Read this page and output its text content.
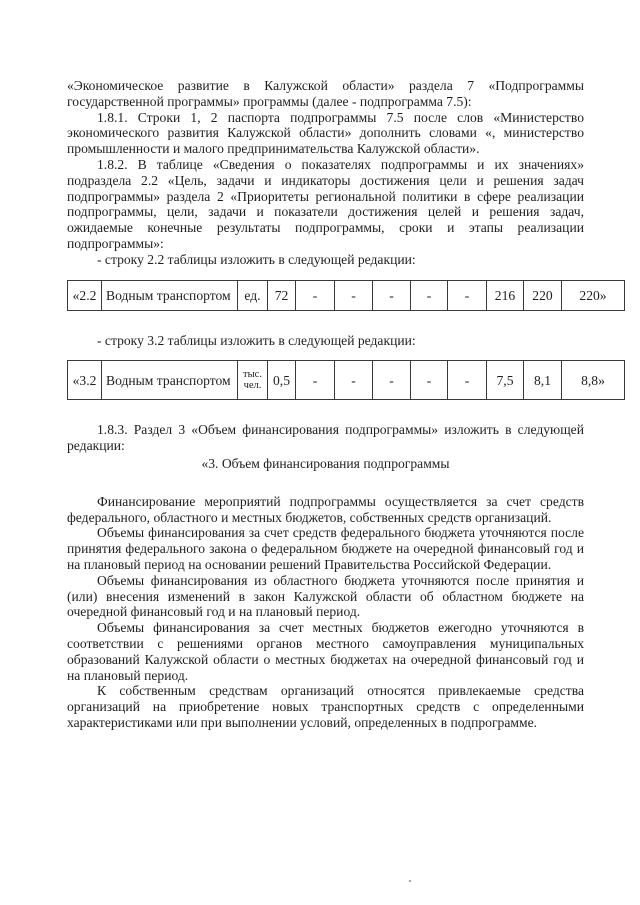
«Экономическое развитие в Калужской области» раздела 7 «Подпрограммы государственной программы» программы (далее - подпрограмма 7.5):

1.8.1. Строки 1, 2 паспорта подпрограммы 7.5 после слов «Министерство экономического развития Калужской области» дополнить словами «, министерство промышленности и малого предпринимательства Калужской области».

1.8.2. В таблице «Сведения о показателях подпрограммы и их значениях» подраздела 2.2 «Цель, задачи и индикаторы достижения цели и решения задач подпрограммы» раздела 2 «Приоритеты региональной политики в сфере реализации подпрограммы, цели, задачи и показатели достижения целей и решения задач, ожидаемые конечные результаты подпрограммы, сроки и этапы реализации подпрограммы»:

- строку 2.2 таблицы изложить в следующей редакции:

«2.2	Водным транспортом	ед.	72	-	-	-	-	-	216	220	220»

- строку 3.2 таблицы изложить в следующей редакции:

«3.2	Водным транспортом	тыс. чел.	0,5	-	-	-	-	-	7,5	8,1	8,8»

1.8.3. Раздел 3 «Объем финансирования подпрограммы» изложить в следующей редакции:

«3. Объем финансирования подпрограммы

Финансирование мероприятий подпрограммы осуществляется за счет средств федерального, областного и местных бюджетов, собственных средств организаций.

Объемы финансирования за счет средств федерального бюджета уточняются после принятия федерального закона о федеральном бюджете на очередной финансовый год и на плановый период на основании решений Правительства Российской Федерации.

Объемы финансирования из областного бюджета уточняются после принятия и (или) внесения изменений в закон Калужской области об областном бюджете на очередной финансовый год и на плановый период.

Объемы финансирования за счет местных бюджетов ежегодно уточняются в соответствии с решениями органов местного самоуправления муниципальных образований Калужской области о местных бюджетах на очередной финансовый год и на плановый период.

К собственным средствам организаций относятся привлекаемые средства организаций на приобретение новых транспортных средств с определенными характеристиками или при выполнении условий, определенных в подпрограмме.
